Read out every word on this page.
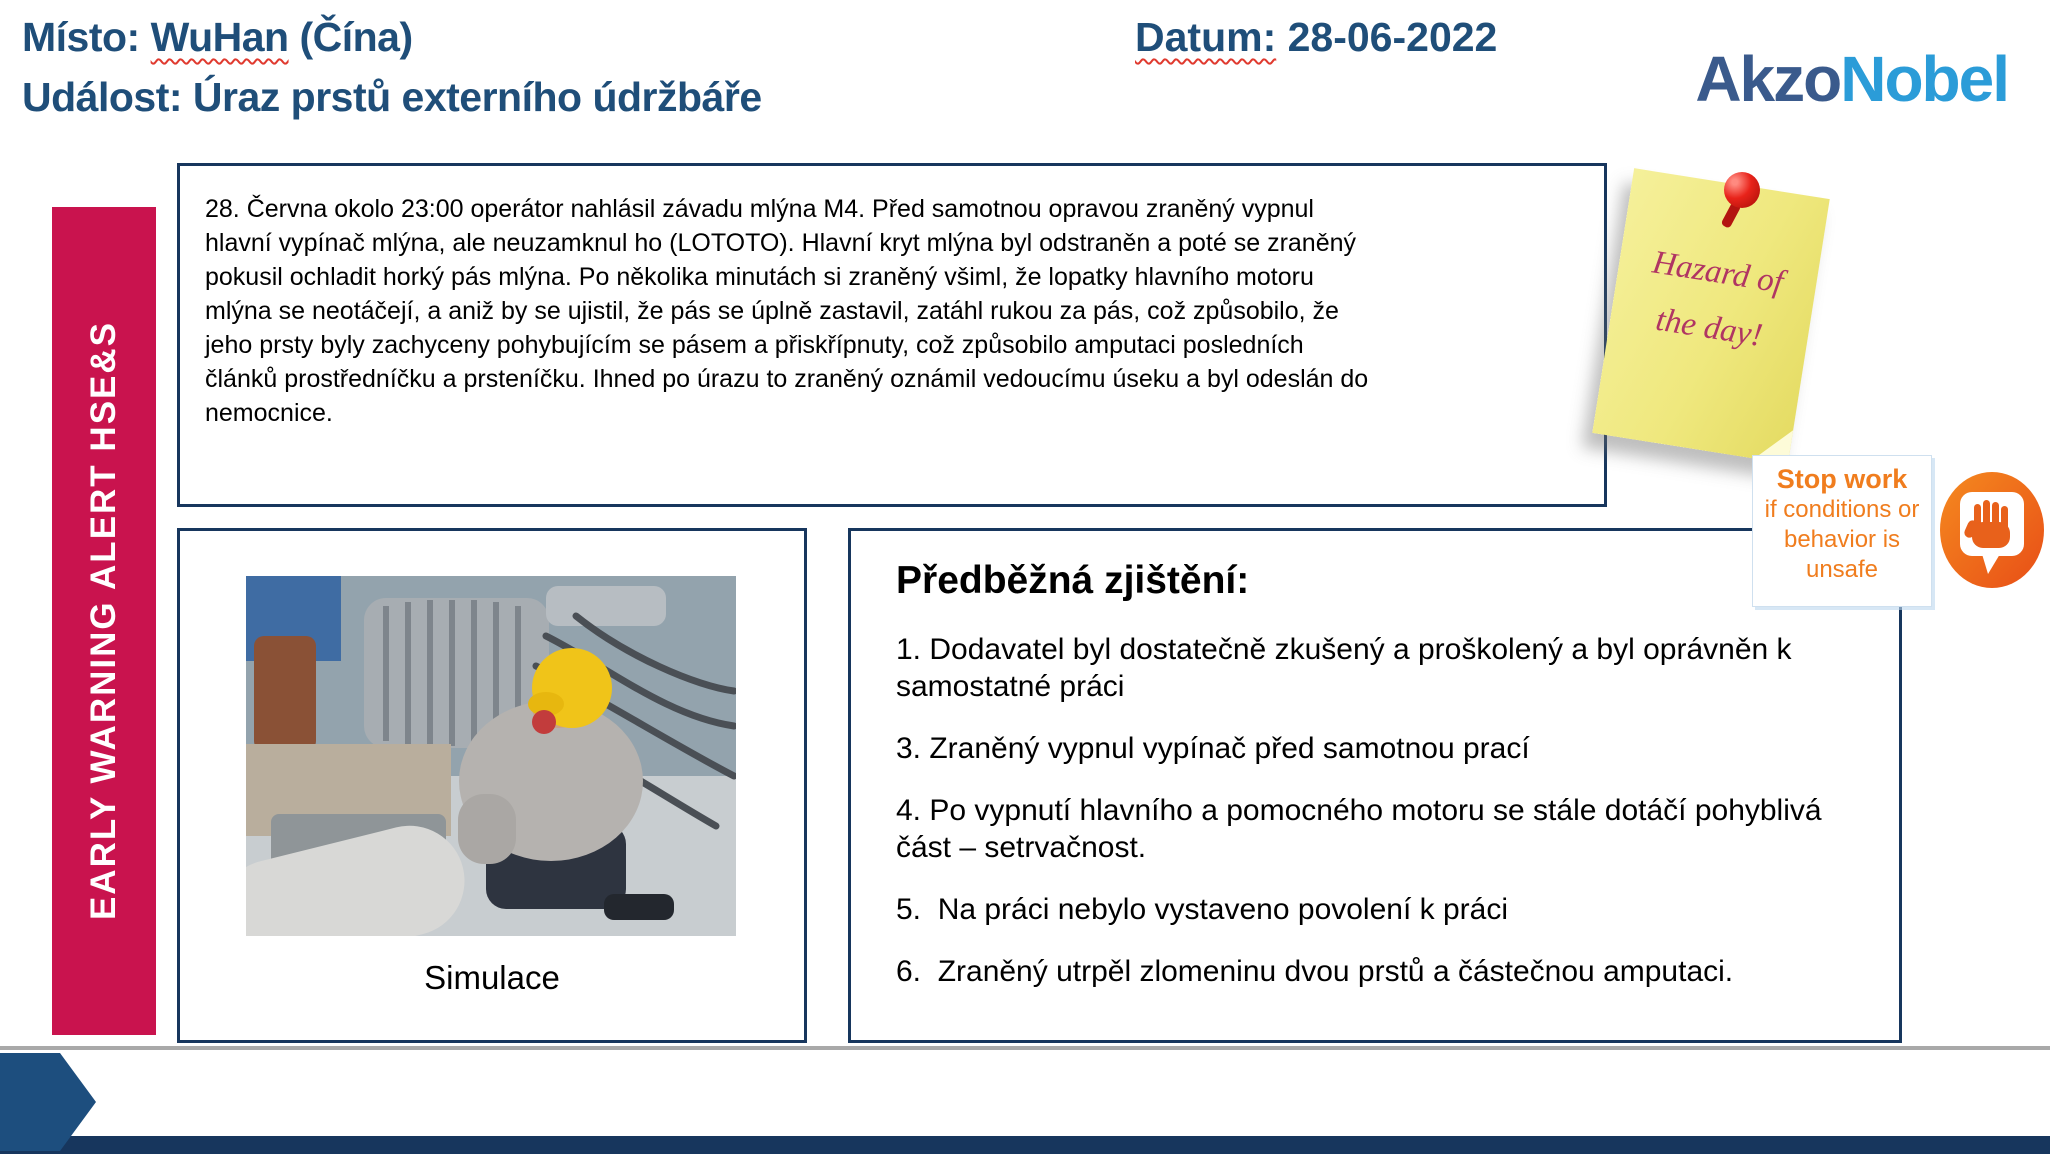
Místo: WuHan (Čína)
Událost: Úraz prstů externího údržbáře
Datum: 28-06-2022
AkzoNobel
EARLY WARNING ALERT HSE&S
28. Června okolo 23:00 operátor nahlásil závadu mlýna M4. Před samotnou opravou zraněný vypnul hlavní vypínač mlýna, ale neuzamknul ho (LOTOTO). Hlavní kryt mlýna byl odstraněn a poté se zraněný pokusil ochladit horký pás mlýna. Po několika minutách si zraněný všiml, že lopatky hlavního motoru mlýna se neotáčejí, a aniž by se ujistil, že pás se úplně zastavil, zatáhl rukou za pás, což způsobilo, že jeho prsty byly zachyceny pohybujícím se pásem a přiskřípnuty, což způsobilo amputaci posledních článků prostředníčku a prsteníčku. Ihned po úrazu to zraněný oznámil vedoucímu úseku a byl odeslán do nemocnice.
Simulace
Předběžná zjištění:
1. Dodavatel byl dostatečně zkušený a proškolený a byl oprávněn k samostatné práci
3. Zraněný vypnul vypínač před samotnou prací
4. Po vypnutí hlavního a pomocného motoru se stále dotáčí pohyblivá část – setrvačnost.
5.  Na práci nebylo vystaveno povolení k práci
6.  Zraněný utrpěl zlomeninu dvou prstů a částečnou amputaci.
Hazard of
the day!
Stop work
if conditions or
behavior is
unsafe
